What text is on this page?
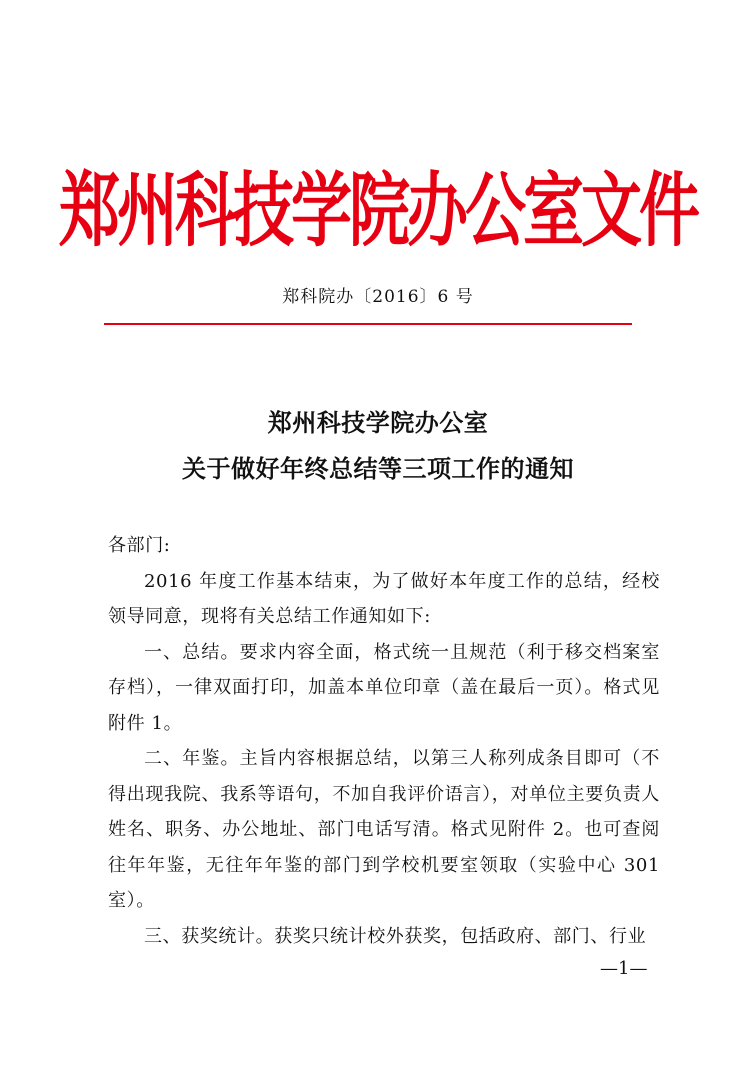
郑州科技学院办公室文件
郑科院办〔2016〕6 号
郑州科技学院办公室
关于做好年终总结等三项工作的通知

各部门:

2016 年度工作基本结束，为了做好本年度工作的总结，经校领导同意，现将有关总结工作通知如下:

一、总结。要求内容全面，格式统一且规范（利于移交档案室存档），一律双面打印，加盖本单位印章（盖在最后一页）。格式见附件 1。

二、年鉴。主旨内容根据总结，以第三人称列成条目即可（不得出现我院、我系等语句，不加自我评价语言），对单位主要负责人姓名、职务、办公地址、部门电话写清。格式见附件 2。也可查阅往年年鉴，无往年年鉴的部门到学校机要室领取（实验中心 301 室）。

三、获奖统计。获奖只统计校外获奖，包括政府、部门、行业

—1—
